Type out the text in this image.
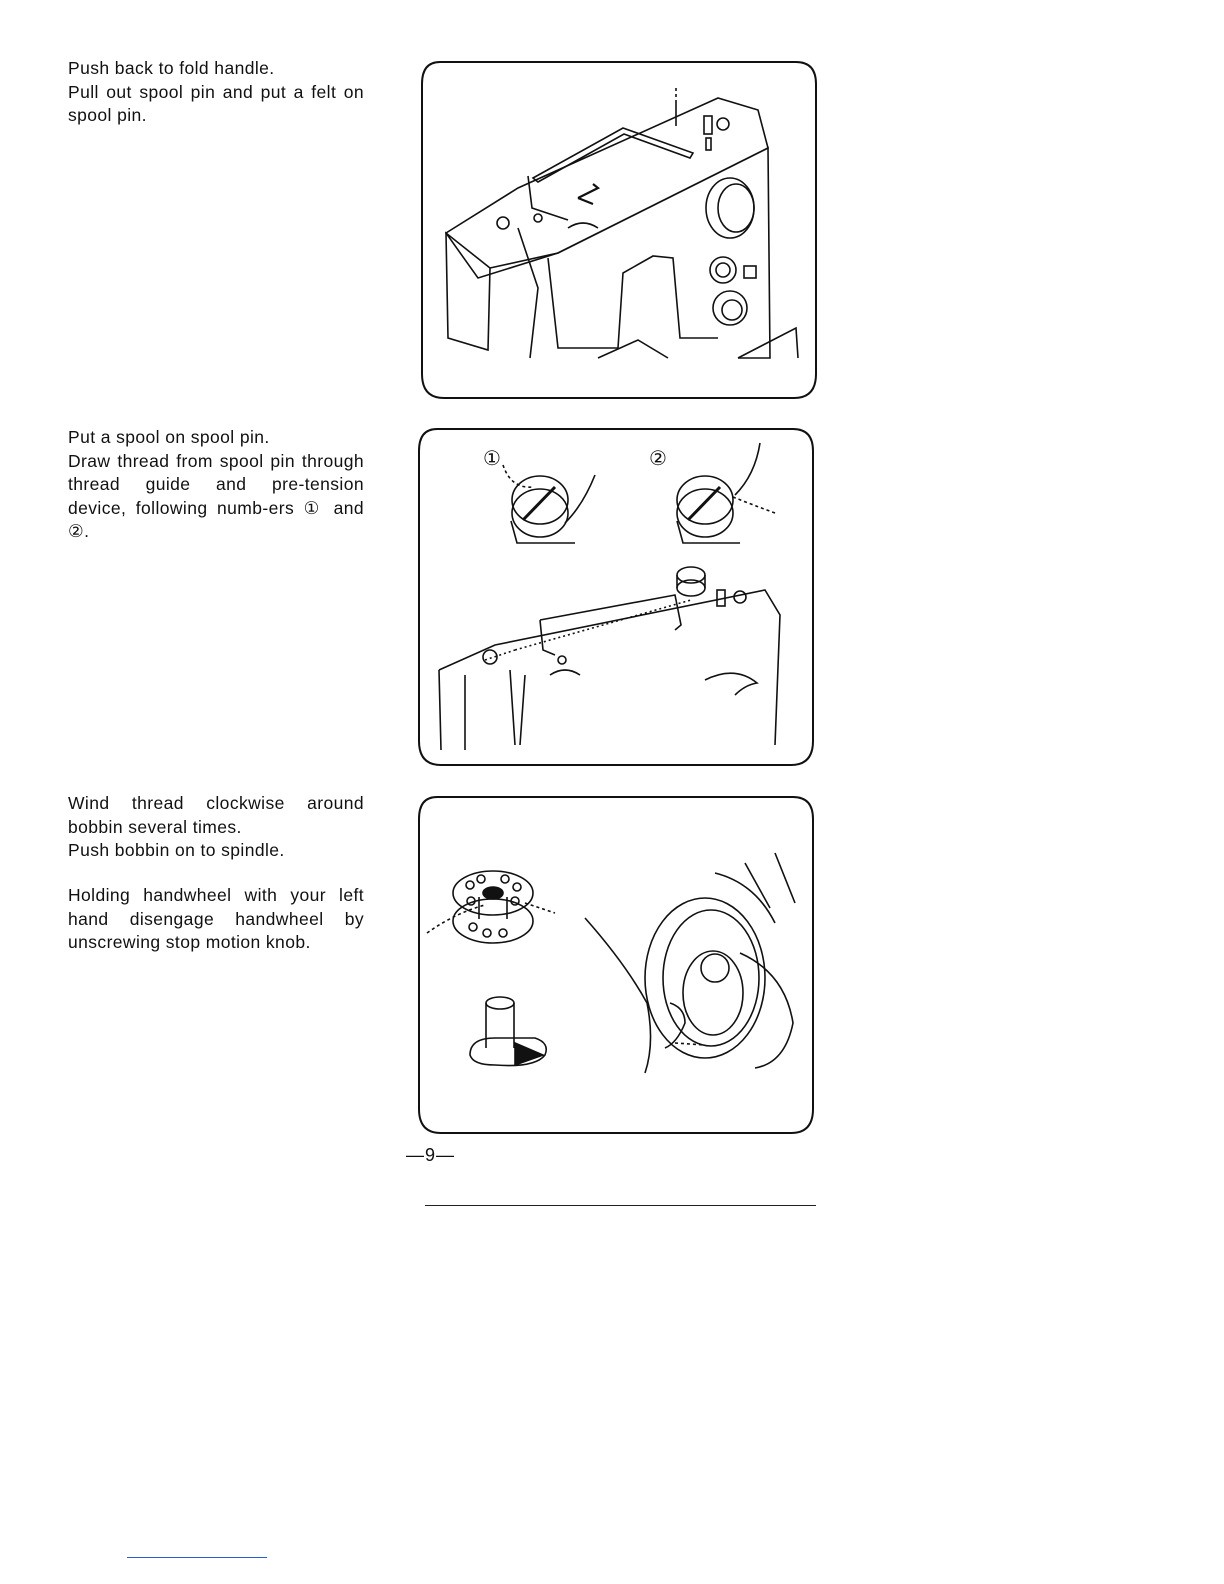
Push back to fold handle.

Pull out spool pin and put a felt on spool pin.

Put a spool on spool pin.

Draw thread from spool pin through thread guide and pre-tension device, following numb-ers ① and ②.

Wind thread clockwise around bobbin several times.

Push bobbin on to spindle.

Holding handwheel with your left hand disengage handwheel by unscrewing stop motion knob.

①	②
—9—
